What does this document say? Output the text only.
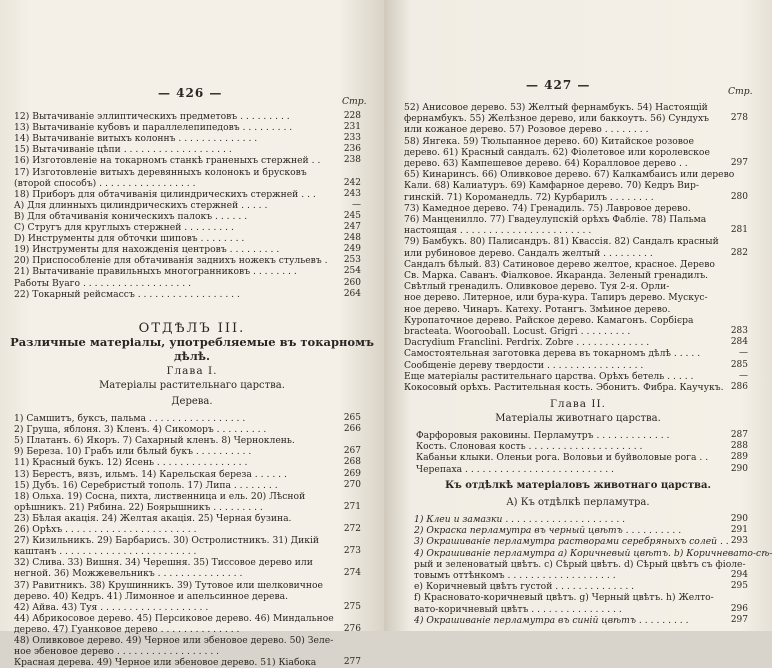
— 426 —
Стр.
12) Вытачиваніе эллиптическихъ предметовъ . . . . . . . . .	228
13) Вытачиваніе кубовъ и параллелепипедовъ . . . . . . . . .	231
14) Вытачиваніе витыхъ колоннъ . . . . . . . . . . . . . .	233
15) Вытачиваніе цѣпи . . . . . . . . . . . . . . . . . . .	236
16) Изготовленіе на токарномъ станкѣ граненыхъ стержней . .	238
17) Изготовленіе витыхъ деревянныхъ колонокъ и брусковъ
(второй способъ) . . . . . . . . . . . . . . . . .	242
18) Приборъ для обтачиванія цилиндрическихъ стержней . . .	243
A) Для длинныхъ цилиндрическихъ стержней . . . . .	—
B) Для обтачиванія коническихъ палокъ . . . . . .	245
C) Стругъ для круглыхъ стержней . . . . . . . . .	247
D) Инструменты для обточки шиповъ . . . . . . . .	248
19) Инструменты для нахожденія центровъ . . . . . . . . .	249
20) Приспособленіе для обтачиванія заднихъ ножекъ стульевъ .	253
21) Вытачиваніе правильныхъ многогранниковъ . . . . . . . .	254
Работы Вуаго . . . . . . . . . . . . . . . . . . .	260
22) Токарный рейсмассъ . . . . . . . . . . . . . . . . . .	264
ОТДѢЛЪ III.
Различные матеріалы, употребляемые въ токарномъ
дѣлѣ.
Глава I.
Матеріалы растительнаго царства.
Дерева.
1) Самшитъ, буксъ, пальма . . . . . . . . . . . . . . . . .	265
2) Груша, яблоня. 3) Кленъ. 4) Сикоморъ . . . . . . . . .	266
5) Платанъ. 6) Якоръ. 7) Сахарный кленъ. 8) Черноклень.
9) Береза. 10) Грабъ или бѣлый букъ . . . . . . . . . .	267
11) Красный букъ. 12) Ясень . . . . . . . . . . . . . . . .	268
13) Берестъ, вязъ, ильмъ. 14) Карельская береза . . . . . .	269
15) Дубъ. 16) Серебристый тополь. 17) Липа . . . . . . . .	270
18) Ольха. 19) Сосна, пихта, лиственница и ель. 20) Лѣсной
орѣшникъ. 21) Рябина. 22) Боярышникъ . . . . . . . . .	271
23) Бѣлая акація. 24) Желтая акація. 25) Черная бузина.
26) Орѣхъ . . . . . . . . . . . . . . . . . . . . . . .	272
27) Кизильникъ. 29) Барбарисъ. 30) Остролистникъ. 31) Дикій
каштанъ . . . . . . . . . . . . . . . . . . . . . . . .	273
32) Слива. 33) Вишня. 34) Черешня. 35) Тиссовое дерево или
негной. 36) Можжевельникъ . . . . . . . . . . . . . . .	274
37) Равитникъ. 38) Крушинникъ. 39) Тутовое или шелковичное
дерево. 40) Кедръ. 41) Лимонное и апельсинное дерева.
42) Айва. 43) Туя . . . . . . . . . . . . . . . . . . .	275
44) Абрикосовое дерево. 45) Персиковое дерево. 46) Миндальное
дерево. 47) Гуанковое дерево . . . . . . . . . . . . . .	276
48) Оливковое дерево. 49) Черное или эбеновое дерево. 50) Зеле-
ное эбеновое дерево . . . . . . . . . . . . . . . . . .
Красная дерева. 49) Черное или эбеновое дерево. 51) Кіабока	277
— 427 —	Стр.
52) Анисовое дерево. 53) Желтый фернамбукъ. 54) Настоящій
фернамбукъ. 55) Желѣзное дерево, или баккоутъ. 56) Сундухъ	278
или кожаное дерево. 57) Розовое дерево . . . . . . . .
58) Янгека. 59) Тюльпанное дерево. 60) Китайское розовое
дерево. 61) Красный сандалъ. 62) Фіолетовое или королевское
дерево. 63) Кампешевое дерево. 64) Коралловое дерево . .	297
65) Кинаринсъ. 66) Оливковое дерево. 67) Калкамбаисъ или дерево
Кали. 68) Калиатуръ. 69) Камфарное дерево. 70) Кедръ Вир-
гинскій. 71) Короманедль. 72) Курбарилъ . . . . . . . .	280
73) Камедное дерево. 74) Гренадиль. 75) Лавровое дерево.
76) Манценилло. 77) Гвадеулупскій орѣхъ Фабліе. 78) Пальма
настоящая . . . . . . . . . . . . . . . . . . . . . . .	281
79) Бамбукъ. 80) Палисандръ. 81) Квассія. 82) Сандалъ красный
или рубиновое дерево. Сандалъ желтый . . . . . . . . .	282
Сандалъ бѣлый. 83) Сатиновое дерево желтое, красное. Дерево
Св. Марка. Саванъ. Фіалковое. Якаранда. Зеленый гренадилъ.
Свѣтлый гренадилъ. Оливковое дерево. Туя 2-я. Орли-
ное дерево. Литерное, или бура-кура. Тапиръ дерево. Мускус-
ное дерево. Чинаръ. Катеху. Ротангъ. Змѣиное дерево.
Куропаточное дерево. Райское дерево. Камагонъ. Сорбієра
bracteata. Woorooball. Locust. Grigri . . . . . . . . .	283
Dacrydium Franclini. Perdrix. Zobre . . . . . . . . . . . . .	284
Самостоятельная заготовка дерева въ токарномъ дѣлѣ . . . . .	—
Сообщеніе дереву твердости . . . . . . . . . . . . . . . . .	285
Еще матеріалы растительнаго царства. Орѣхъ бетель . . . . .	—
Кокосовый орѣхъ. Растительная кость. Эбонитъ. Фибра. Каучукъ. 286
Глава II.
Матеріалы животнаго царства.
Фарфоровыя раковины. Перламутръ . . . . . . . . . . . . .	287
Кость. Слоновая кость . . . . . . . . . . . . . . . . . . . .	288
Кабаньи клыки. Оленьи рога. Воловьи и буйволовые рога . .	289
Черепаха . . . . . . . . . . . . . . . . . . . . . . . . . .	290
Къ отдѣлкѣ матеріаловъ животнаго царства.
A) Къ отдѣлкѣ перламутра.
1) Клеи и замазки . . . . . . . . . . . . . . . . . . . . .	290
2) Окраска перламутра въ черный цвѣтъ . . . . . . . . . .	291
3) Окрашиваніе перламутра растворами серебряныхъ солей . . 293
4) Окрашиваніе перламутра a) Коричневый цвѣтъ. b) Коричневато-сѣ-
рый и зеленоватый цвѣтъ. c) Сѣрый цвѣтъ. d) Сѣрый цвѣтъ съ фіоле-
товымъ оттѣнкомъ . . . . . . . . . . . . . . . . . . .	294
e) Коричневый цвѣтъ густой . . . . . . . . . . . . . .	295
f) Красновато-коричневый цвѣтъ. g) Черный цвѣтъ. h) Желто-
вато-коричневый цвѣтъ . . . . . . . . . . . . . . . .	296
4) Окрашиваніе перламутра въ синій цвѣтъ . . . . . . . . .	297
